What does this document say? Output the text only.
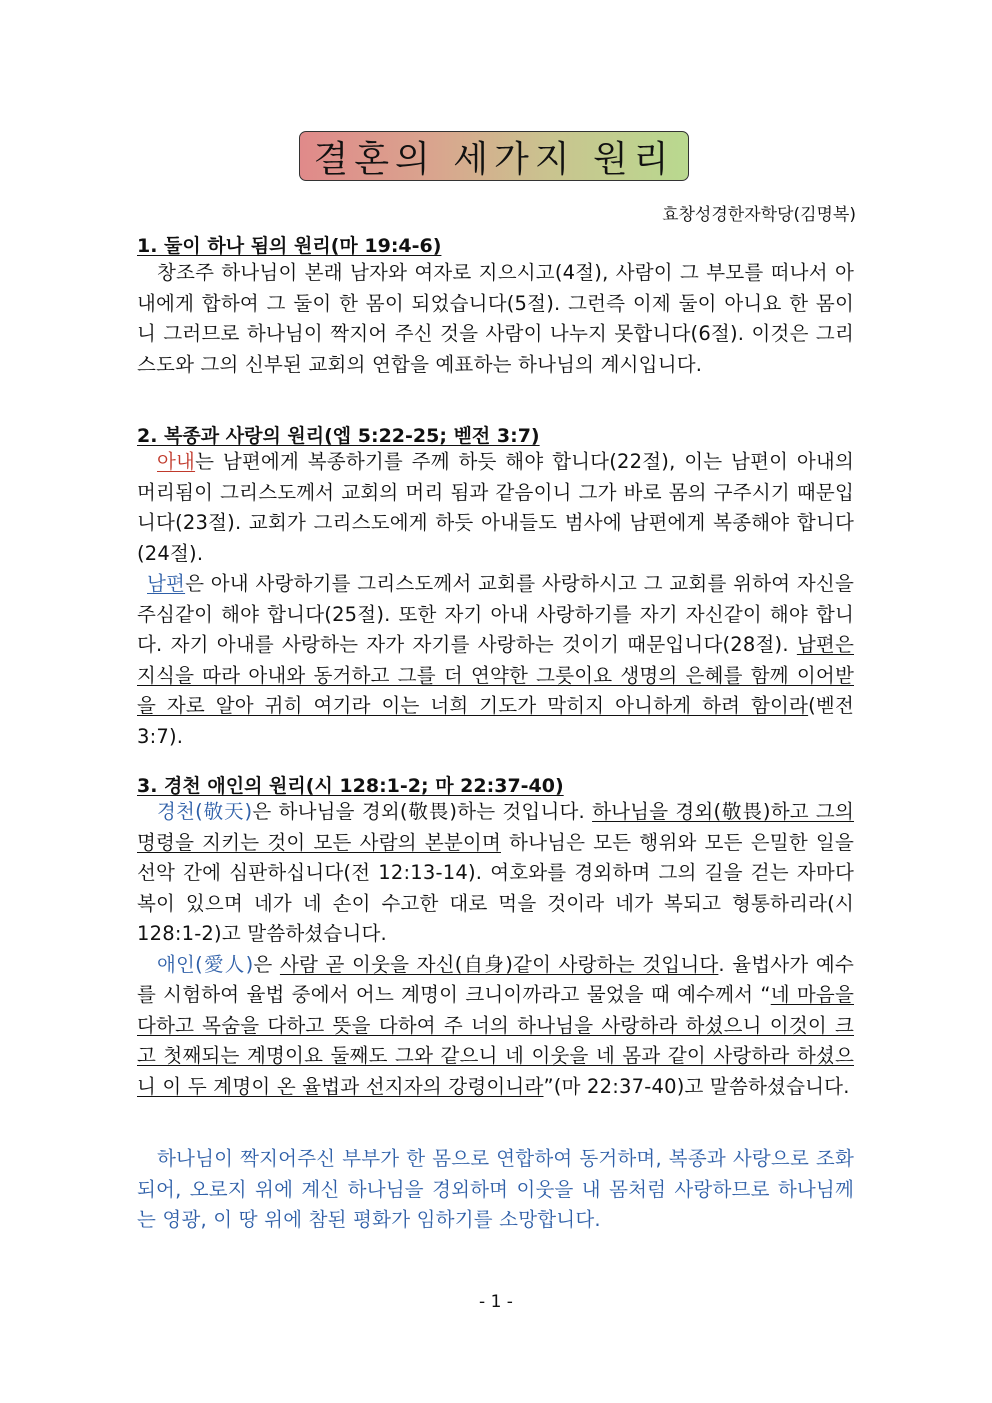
결혼의 세가지 원리
효창성경한자학당(김명복)
1. 둘이 하나 됨의 원리(마 19:4-6)

창조주 하나님이 본래 남자와 여자로 지으시고(4절), 사람이 그 부모를 떠나서 아내에게 합하여 그 둘이 한 몸이 되었습니다(5절). 그런즉 이제 둘이 아니요 한 몸이니 그러므로 하나님이 짝지어 주신 것을 사람이 나누지 못합니다(6절). 이것은 그리스도와 그의 신부된 교회의 연합을 예표하는 하나님의 계시입니다.

2. 복종과 사랑의 원리(엡 5:22-25; 벧전 3:7)

아내는 남편에게 복종하기를 주께 하듯 해야 합니다(22절), 이는 남편이 아내의 머리됨이 그리스도께서 교회의 머리 됨과 같음이니 그가 바로 몸의 구주시기 때문입니다(23절). 교회가 그리스도에게 하듯 아내들도 범사에 남편에게 복종해야 합니다(24절).

남편은 아내 사랑하기를 그리스도께서 교회를 사랑하시고 그 교회를 위하여 자신을 주심같이 해야 합니다(25절). 또한 자기 아내 사랑하기를 자기 자신같이 해야 합니다. 자기 아내를 사랑하는 자가 자기를 사랑하는 것이기 때문입니다(28절). 남편은 지식을 따라 아내와 동거하고 그를 더 연약한 그릇이요 생명의 은혜를 함께 이어받을 자로 알아 귀히 여기라 이는 너희 기도가 막히지 아니하게 하려 함이라(벧전 3:7).

3. 경천 애인의 원리(시 128:1-2; 마 22:37-40)

경천(敬天)은 하나님을 경외(敬畏)하는 것입니다. 하나님을 경외(敬畏)하고 그의 명령을 지키는 것이 모든 사람의 본분이며 하나님은 모든 행위와 모든 은밀한 일을 선악 간에 심판하십니다(전 12:13-14). 여호와를 경외하며 그의 길을 걷는 자마다 복이 있으며 네가 네 손이 수고한 대로 먹을 것이라 네가 복되고 형통하리라(시 128:1-2)고 말씀하셨습니다.

애인(愛人)은 사람 곧 이웃을 자신(自身)같이 사랑하는 것입니다. 율법사가 예수를 시험하여 율법 중에서 어느 계명이 크니이까라고 물었을 때 예수께서 “네 마음을 다하고 목숨을 다하고 뜻을 다하여 주 너의 하나님을 사랑하라 하셨으니 이것이 크고 첫째되는 계명이요 둘째도 그와 같으니 네 이웃을 네 몸과 같이 사랑하라 하셨으니 이 두 계명이 온 율법과 선지자의 강령이니라”(마 22:37-40)고 말씀하셨습니다.

하나님이 짝지어주신 부부가 한 몸으로 연합하여 동거하며, 복종과 사랑으로 조화되어, 오로지 위에 계신 하나님을 경외하며 이웃을 내 몸처럼 사랑하므로 하나님께는 영광, 이 땅 위에 참된 평화가 임하기를 소망합니다.

- 1 -
